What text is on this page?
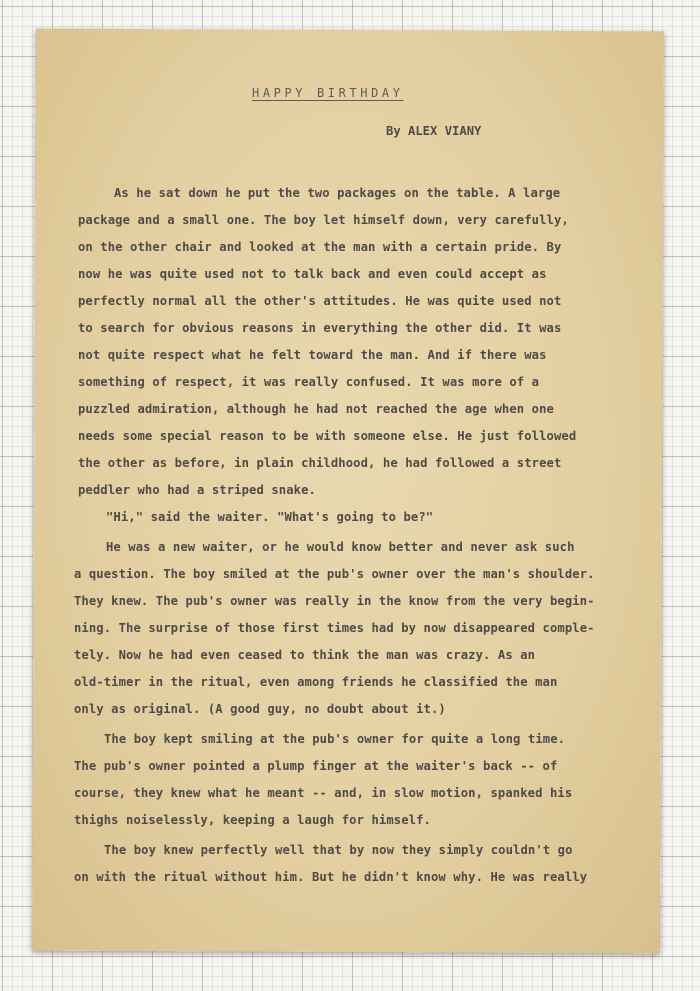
HAPPY BIRTHDAY
By ALEX VIANY
As he sat down he put the two packages on the table. A large
package and a small one. The boy let himself down, very carefully,
on the other chair and looked at the man with a certain pride. By
now he was quite used not to talk back and even could accept as
perfectly normal all the other's attitudes. He was quite used not
to search for obvious reasons in everything the other did. It was
not quite respect what he felt toward the man. And if there was
something of respect, it was really confused. It was more of a
puzzled admiration, although he had not reached the age when one
needs some special reason to be with someone else. He just followed
the other as before, in plain childhood, he had followed a street
peddler who had a striped snake.
"Hi," said the waiter. "What's going to be?"
He was a new waiter, or he would know better and never ask such
a question. The boy smiled at the pub's owner over the man's shoulder.
They knew. The pub's owner was really in the know from the very begin-
ning. The surprise of those first times had by now disappeared comple-
tely. Now he had even ceased to think the man was crazy. As an
old-timer in the ritual, even among friends he classified the man
only as original. (A good guy, no doubt about it.)
The boy kept smiling at the pub's owner for quite a long time.
The pub's owner pointed a plump finger at the waiter's back -- of
course, they knew what he meant -- and, in slow motion, spanked his
thighs noiselessly, keeping a laugh for himself.
The boy knew perfectly well that by now they simply couldn't go
on with the ritual without him. But he didn't know why. He was really
